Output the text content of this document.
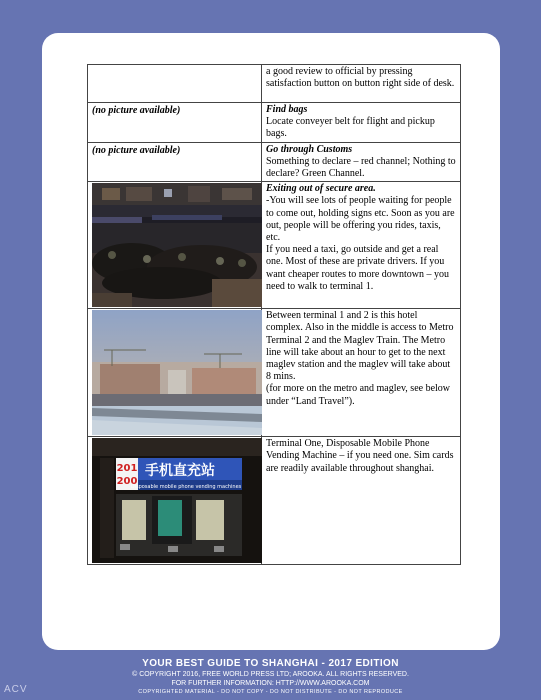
	a good review to official by pressing satisfaction button on button right side of desk.

(no picture available)	Find bags
Locate conveyer belt for flight and pickup bags.

(no picture available)	Go through Customs
Something to declare – red channel; Nothing to declare? Green Channel.

Exiting out of secure area.
-You will see lots of people waiting for people to come out, holding signs etc. Soon as you are out, people will be offering you rides, taxis, etc.
If you need a taxi, go outside and get a real one. Most of these are private drivers. If you want cheaper routes to more downtown – you need to walk to terminal 1.

Between terminal 1 and 2 is this hotel complex. Also in the middle is access to Metro Terminal 2 and the Maglev Train. The Metro line will take about an hour to get to the next maglev station and the maglev will take about 8 mins.
(for more on the metro and maglev, see below under “Land Travel”).

201
200
手机直充站
Disposable mobile phone vending machines	Terminal One, Disposable Mobile Phone Vending Machine – if you need one. Sim cards are readily available throughout shanghai.
YOUR BEST GUIDE TO SHANGHAI - 2017 EDITION
© COPYRIGHT 2016, FREE WORLD PRESS LTD; AROOKA. ALL RIGHTS RESERVED.
FOR FURTHER INFORMATION: HTTP://WWW.AROOKA.COM
COPYRIGHTED MATERIAL - DO NOT COPY - DO NOT DISTRIBUTE - DO NOT REPRODUCE
ACV
